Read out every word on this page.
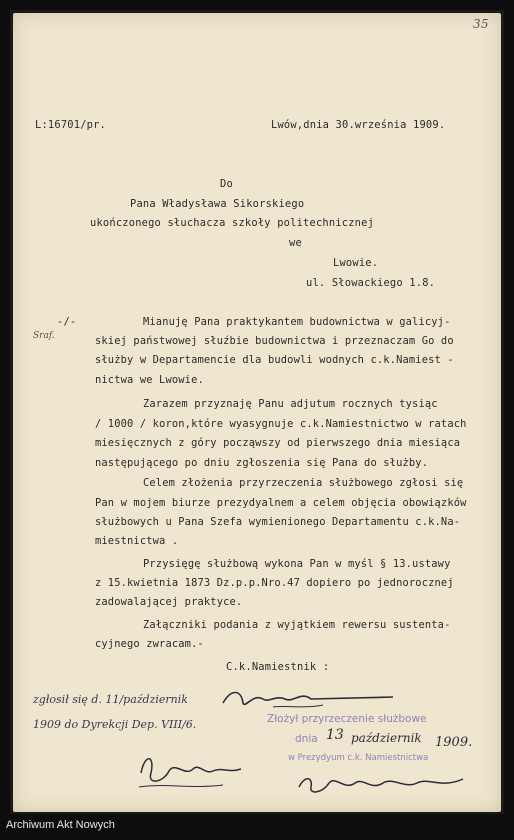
35
L:16701/pr.	Lwów,dnia 30.września 1909.
Do
Pana Władysława Sikorskiego
ukończonego słuchacza szkoły politechnicznej
we
Lwowie.
ul. Słowackiego 1.8.
-/-
Sraf.
Mianuję Pana praktykantem budownictwa w galicyj-
skiej państwowej słuźbie budownictwa i przeznaczam Go do
służby w Departamencie dla budowli wodnych c.k.Namiest -
nictwa we Lwowie.
Zarazem przyznaję Panu adjutum rocznych tysiąc
/ 1000 / koron,które wyasygnuje c.k.Namiestnictwo w ratach
miesięcznych z góry począwszy od pierwszego dnia miesiąca
następującego po dniu zgłoszenia się Pana do służby.
Celem złożenia przyrzeczenia służbowego zgłosi się
Pan w mojem biurze prezydyalnem a celem objęcia obowiązków
służbowych u Pana Szefa wymienionego Departamentu c.k.Na-
miestnictwa .
Przysięgę służbową wykona Pan w myśl § 13.ustawy
z 15.kwietnia 1873 Dz.p.p.Nro.47 dopiero po jednorocznej
zadowalającej praktyce.
Załączniki podania z wyjątkiem rewersu sustenta-
cyjnego zwracam.-
C.k.Namiestnik :
zgłosił się d. 11/październik
1909 do Dyrekcji Dep. VIII/6.	Złożył przyrzeczenie służbowe
dnia
w Prezydyum c.k. Namiestnictwa
13 październik 1909.
Archiwum Akt Nowych
